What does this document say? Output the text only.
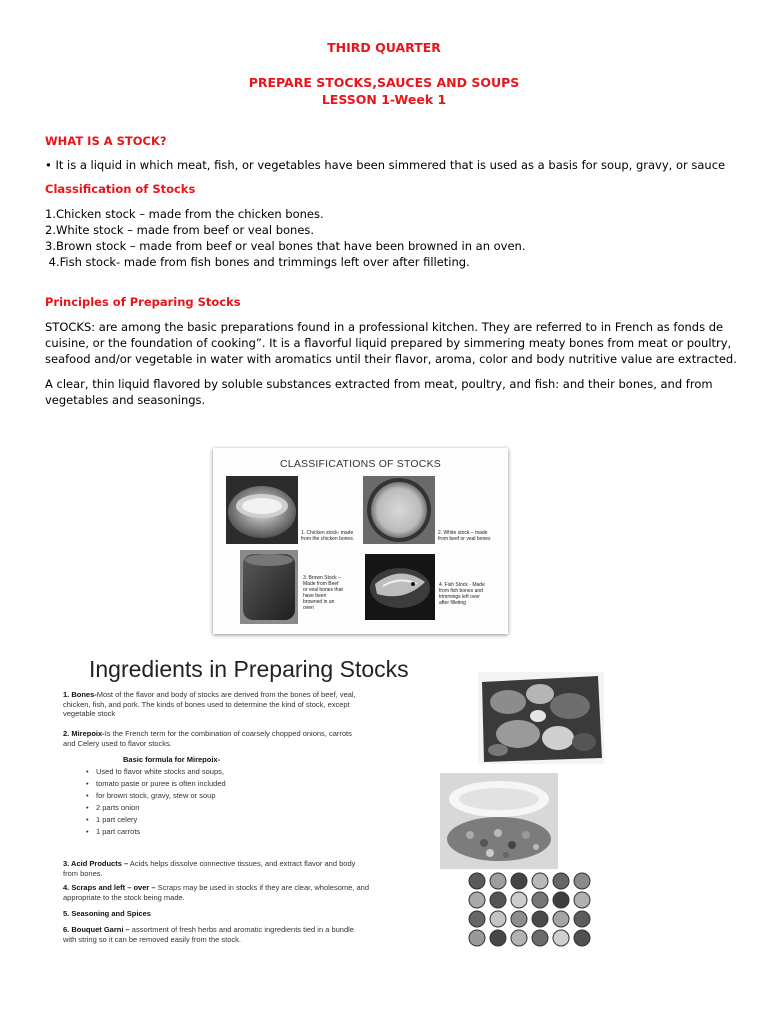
THIRD QUARTER
PREPARE STOCKS,SAUCES AND SOUPS
LESSON 1-Week 1
WHAT IS A STOCK?
• It is a liquid in which meat, fish, or vegetables have been simmered that is used as a basis for soup, gravy, or sauce
Classification of Stocks
1.Chicken stock – made from the chicken bones.
2.White stock – made from beef or veal bones.
3.Brown stock – made from beef or veal bones that have been browned in an oven.
4.Fish stock- made from fish bones and trimmings left over after filleting.
Principles of Preparing Stocks
STOCKS: are among the basic preparations found in a professional kitchen. They are referred to in French as fonds de
cuisine, or the foundation of cooking”. It is a flavorful liquid prepared by simmering meaty bones from meat or poultry,
seafood and/or vegetable in water with aromatics until their flavor, aroma, color and body nutritive value are extracted.
A clear, thin liquid flavored by soluble substances extracted from meat, poultry, and fish: and their bones, and from
vegetables and seasonings.
CLASSIFICATIONS OF STOCKS
1. Chicken stock- made
from the chicken bones.
2. White stock – made
from beef or veal bones
3. Brown Stock –
Made from Beef
or veal bones that
have been
browned in an
oven
4. Fish Stock - Made
from fish bones and
trimmings left over
after filleting
Ingredients in Preparing Stocks
1. Bones-Most of the flavor and body of stocks are derived from the bones of beef, veal,
chicken, fish, and pork. The kinds of bones used to determine the kind of stock, except
vegetable stock
2. Mirepoix-Is the French term for the combination of coarsely chopped onions, carrots
and Celery used to flavor stocks.
Basic formula for Mirepoix-
• Used to flavor white stocks and soups,
• tomato paste or puree is often included
• for brown stock, gravy, stew or soup
• 2 parts onion
• 1 part celery
• 1 part carrots
3. Acid Products – Acids helps dissolve connective tissues, and extract flavor and body
from bones.
4. Scraps and left – over – Scraps may be used in stocks if they are clear, wholesome, and
appropriate to the stock being made.
5. Seasoning and Spices
6. Bouquet Garni – assortment of fresh herbs and aromatic ingredients tied in a bundle
with string so it can be removed easily from the stock.
